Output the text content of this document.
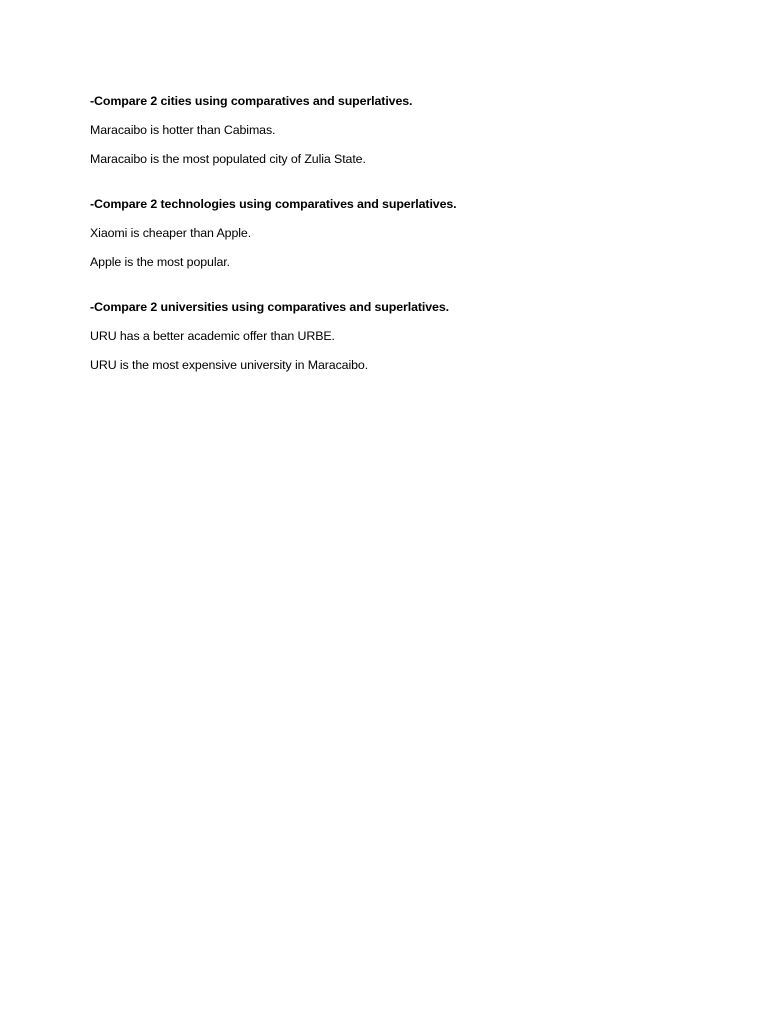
-Compare 2 cities using comparatives and superlatives.
Maracaibo is hotter than Cabimas.
Maracaibo is the most populated city of Zulia State.
-Compare 2 technologies using comparatives and superlatives.
Xiaomi is cheaper than Apple.
Apple is the most popular.
-Compare 2 universities using comparatives and superlatives.
URU has a better academic offer than URBE.
URU is the most expensive university in Maracaibo.
